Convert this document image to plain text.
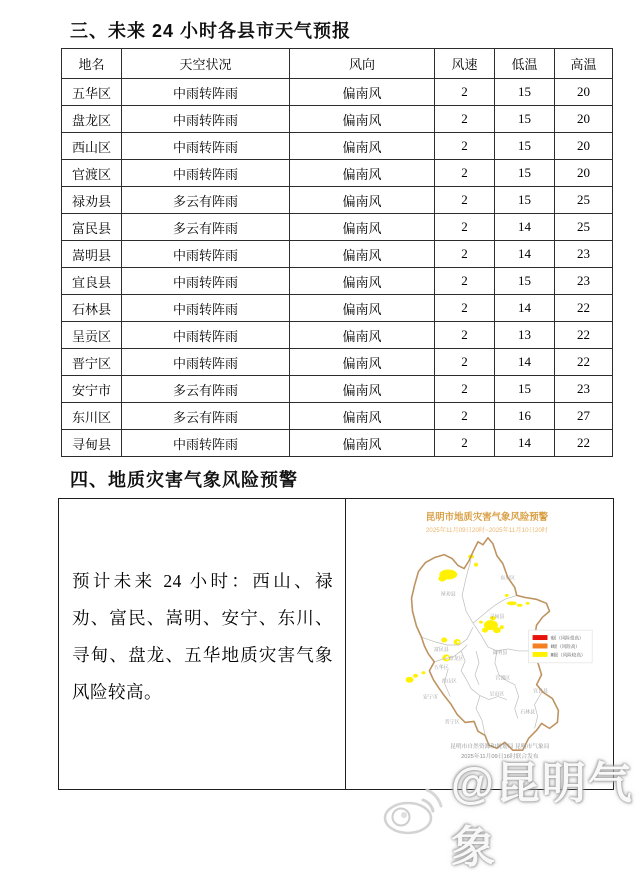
三、未来 24 小时各县市天气预报
地名	天空状况	风向	风速	低温	高温
五华区	中雨转阵雨	偏南风	2	15	20
盘龙区	中雨转阵雨	偏南风	2	15	20
西山区	中雨转阵雨	偏南风	2	15	20
官渡区	中雨转阵雨	偏南风	2	15	20
禄劝县	多云有阵雨	偏南风	2	15	25
富民县	多云有阵雨	偏南风	2	14	25
嵩明县	中雨转阵雨	偏南风	2	14	23
宜良县	中雨转阵雨	偏南风	2	15	23
石林县	中雨转阵雨	偏南风	2	14	22
呈贡区	中雨转阵雨	偏南风	2	13	22
晋宁区	中雨转阵雨	偏南风	2	14	22
安宁市	多云有阵雨	偏南风	2	15	23
东川区	多云有阵雨	偏南风	2	16	27
寻甸县	中雨转阵雨	偏南风	2	14	22
四、地质灾害气象风险预警

预计未来 24 小时：西山、禄劝、富民、嵩明、安宁、东川、寻甸、盘龙、五华地质灾害气象风险较高。

昆明市地质灾害气象风险预警
2025年11月09日20时~2025年11月10日20时
禄劝县
东川区
寻甸县
富民县
嵩明县
盘龙区
五华区
西山区
官渡区
呈贡区
宜良县
安宁市
晋宁区
石林县
Ⅰ级（风险很高）
Ⅱ级（风险高）
Ⅲ级（风险较高）
昆明市自然资源和规划局 昆明市气象局
2025年11月09日16时联合发布
@昆明气象
